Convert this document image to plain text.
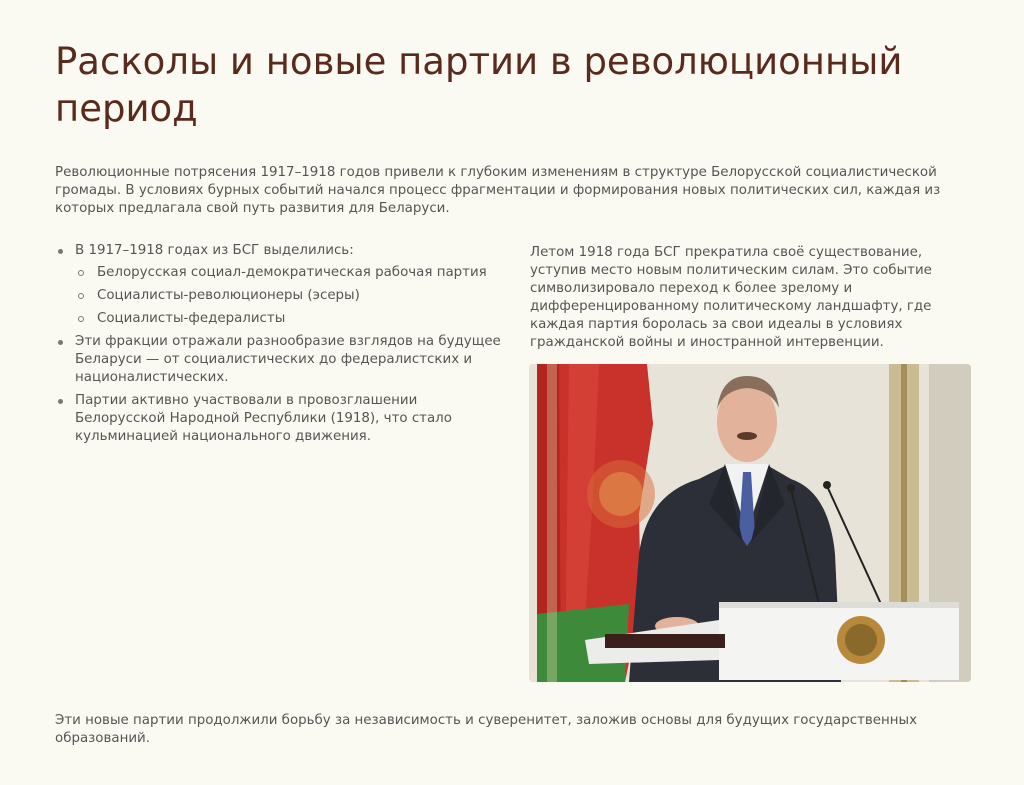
Расколы и новые партии в революционный период

Революционные потрясения 1917–1918 годов привели к глубоким изменениям в структуре Белорусской социалистической громады. В условиях бурных событий начался процесс фрагментации и формирования новых политических сил, каждая из которых предлагала свой путь развития для Беларуси.

В 1917–1918 годах из БСГ выделились:
Белорусская социал-демократическая рабочая партия
Социалисты-революционеры (эсеры)
Социалисты-федералисты
Эти фракции отражали разнообразие взглядов на будущее Беларуси — от социалистических до федералистских и националистических.
Партии активно участвовали в провозглашении Белорусской Народной Республики (1918), что стало кульминацией национального движения.

Летом 1918 года БСГ прекратила своё существование, уступив место новым политическим силам. Это событие символизировало переход к более зрелому и дифференцированному политическому ландшафту, где каждая партия боролась за свои идеалы в условиях гражданской войны и иностранной интервенции.

Эти новые партии продолжили борьбу за независимость и суверенитет, заложив основы для будущих государственных образований.
